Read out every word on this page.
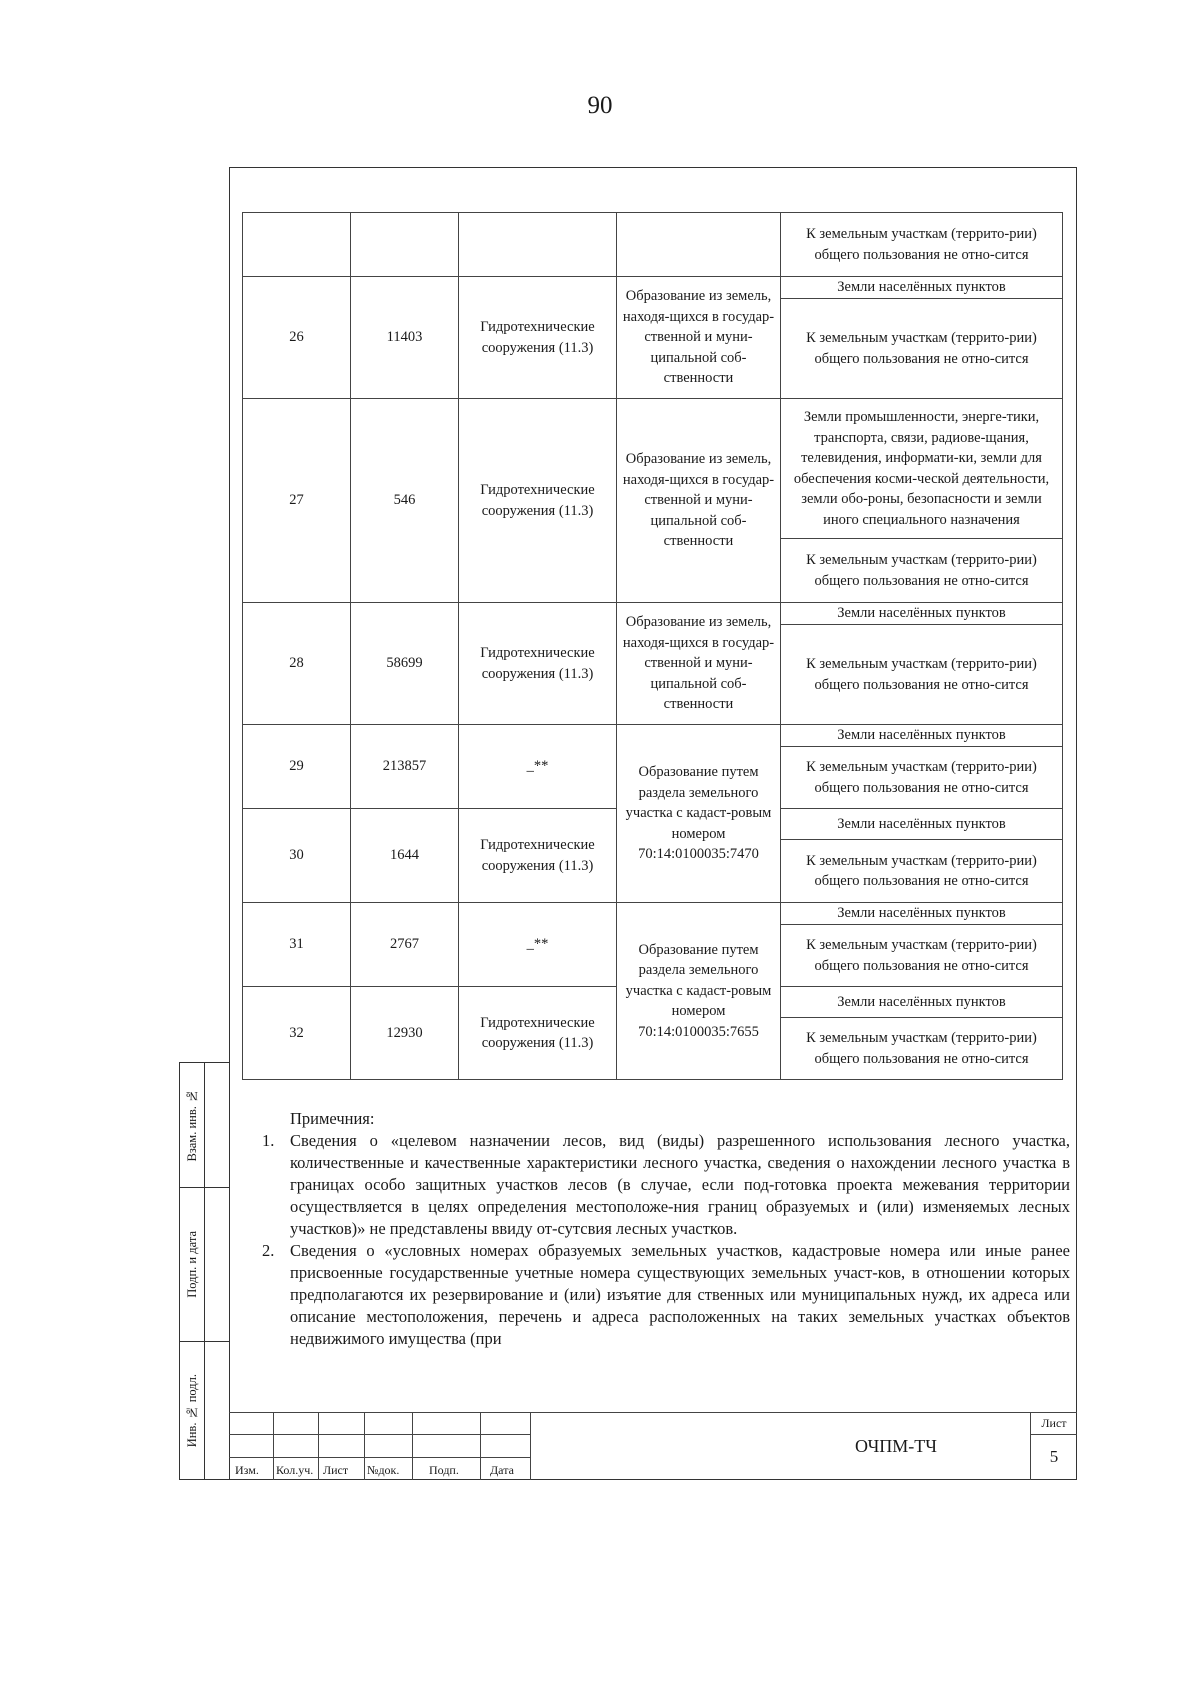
90
				К земельным участкам (террито-рии) общего пользования не отно-сится
26	11403	Гидротехнические сооружения (11.3)	Образование из земель, находя-щихся в государ-ственной и муни-ципальной соб-ственности	Земли населённых пунктов
				К земельным участкам (террито-рии) общего пользования не отно-сится
27	546	Гидротехнические сооружения (11.3)	Образование из земель, находя-щихся в государ-ственной и муни-ципальной соб-ственности	Земли промышленности, энерге-тики, транспорта, связи, радиове-щания, телевидения, информати-ки, земли для обеспечения косми-ческой деятельности, земли обо-роны, безопасности и земли иного специального назначения
				К земельным участкам (террито-рии) общего пользования не отно-сится
28	58699	Гидротехнические сооружения (11.3)	Образование из земель, находя-щихся в государ-ственной и муни-ципальной соб-ственности	Земли населённых пунктов
				К земельным участкам (террито-рии) общего пользования не отно-сится
29	213857	_**	Образование путем раздела земельного участка с кадаст-ровым номером 70:14:0100035:7470	Земли населённых пунктов
				К земельным участкам (террито-рии) общего пользования не отно-сится
30	1644	Гидротехнические сооружения (11.3)		Земли населённых пунктов
				К земельным участкам (террито-рии) общего пользования не отно-сится
31	2767	_**	Образование путем раздела земельного участка с кадаст-ровым номером 70:14:0100035:7655	Земли населённых пунктов
				К земельным участкам (террито-рии) общего пользования не отно-сится
32	12930	Гидротехнические сооружения (11.3)		Земли населённых пунктов
				К земельным участкам (террито-рии) общего пользования не отно-сится
Примечния:
1. Сведения о «целевом назначении лесов, вид (виды) разрешенного использования лесного участка, количественные и качественные характеристики лесного участка, сведения о нахождении лесного участка в границах особо защитных участков лесов (в случае, если под-готовка проекта межевания территории осуществляется в целях определения местоположе-ния границ образуемых и (или) изменяемых лесных участков)» не представлены ввиду от-сутсвия лесных участков.
2. Сведения о «условных номерах образуемых земельных участков, кадастровые номера или иные ранее присвоенные государственные учетные номера существующих земельных участ-ков, в отношении которых предполагаются их резервирование и (или) изъятие для ственных или муниципальных нужд, их адреса или описание местоположения, перечень и адреса расположенных на таких земельных участках объектов недвижимого имущества (при
Изм. Кол.уч. Лист №док. Подп.	Дата
ОЧПМ-ТЧ
Лист
5
Взам. инв. №
Подп. и дата
Инв. № подл.
